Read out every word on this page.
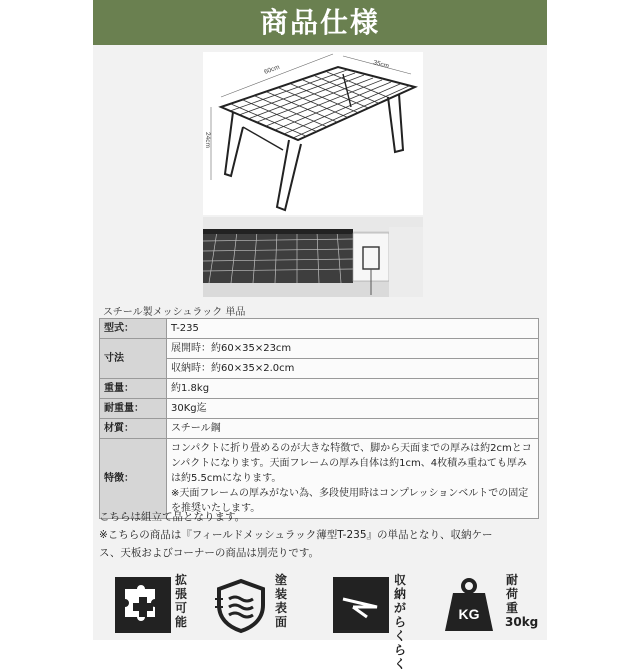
商品仕様
60cm	35cm
24cm
スチール製メッシュラック 単品
型式：	T-235
寸法	展開時：約60×35×23cm
	収納時：約60×35×2.0cm
重量：	約1.8kg
耐重量：	30Kg迄
材質：	スチール鋼
特徴：	コンパクトに折り畳めるのが大きな特徴で、脚から天面までの厚みは約2cmとコ
ンパクトになります。天面フレームの厚み自体は約1cm、4枚積み重ねても厚み
は約5.5cmになります。
※天面フレームの厚みがない為、多段使用時はコンプレッションベルトでの固定
を推奨いたします。
こちらは組立て品となります。
※こちらの商品は『フィールドメッシュラック薄型T-235』の単品となり、収納ケー
ス、天板およびコーナーの商品は別売りです。
拡張可能
塗装表面
収納がらくらく
KG
耐荷重30kg
